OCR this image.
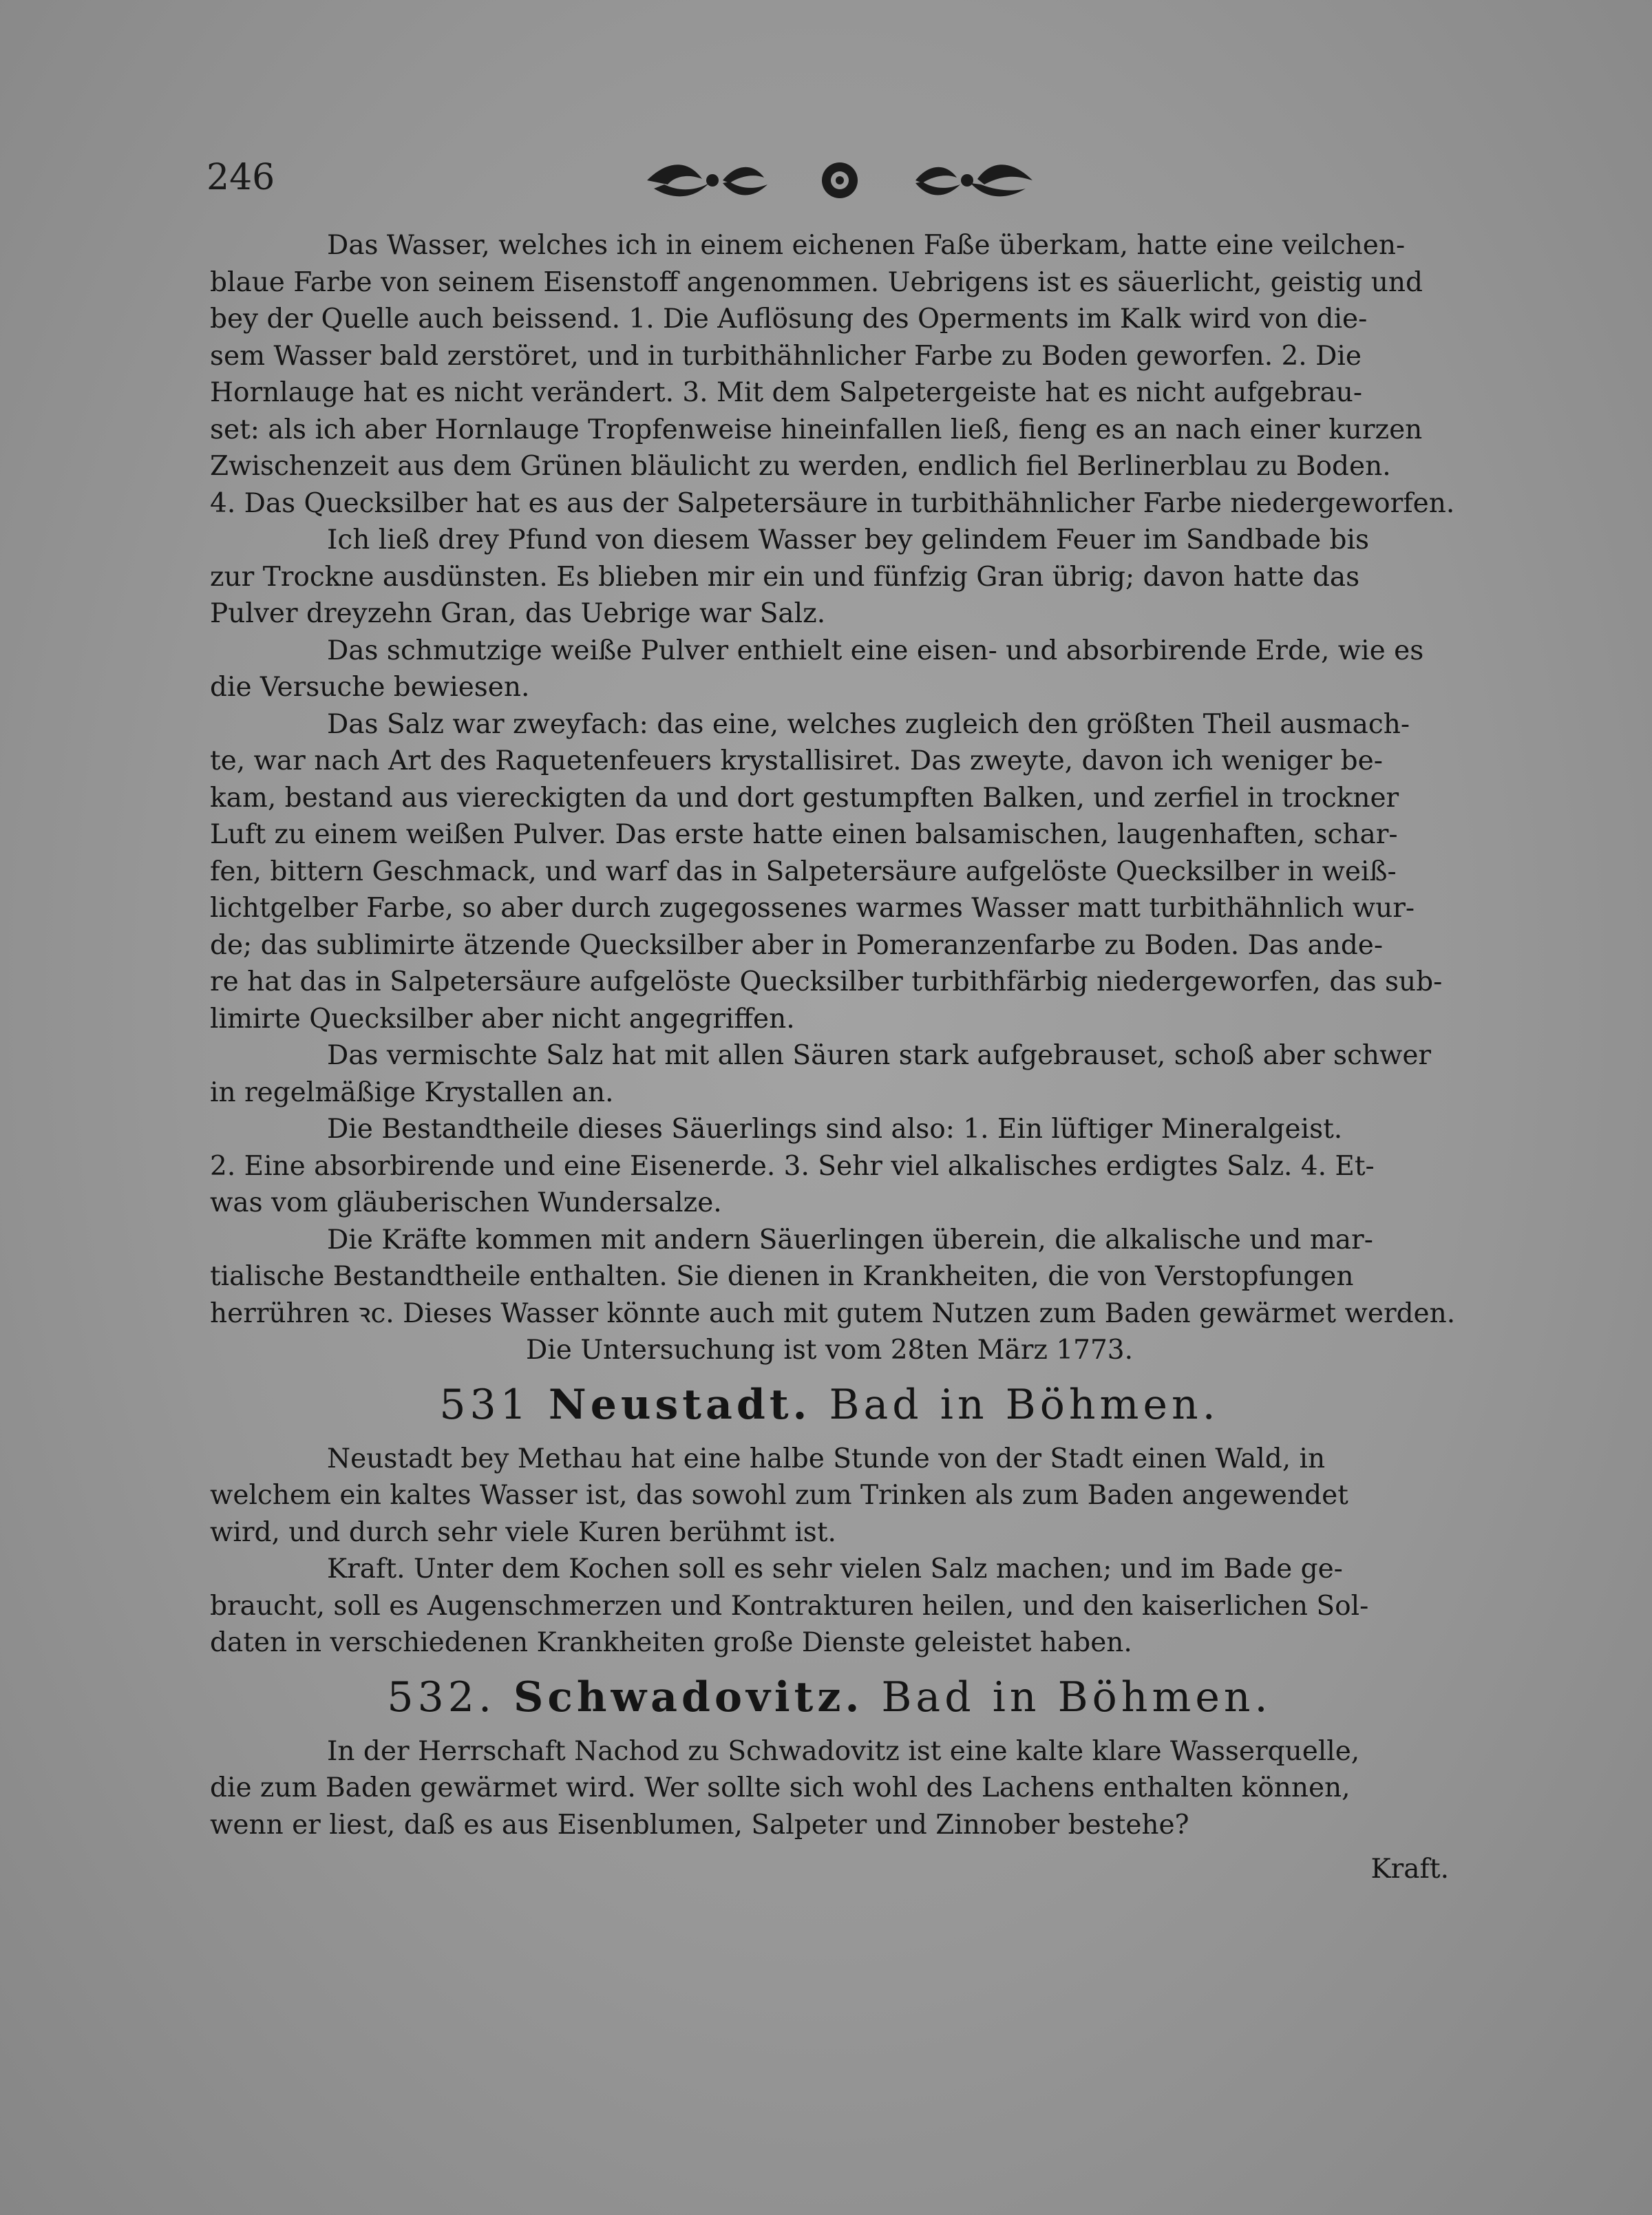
246
Das Wasser, welches ich in einem eichenen Faße überkam, hatte eine veilchen-
blaue Farbe von seinem Eisenstoff angenommen. Uebrigens ist es säuerlicht, geistig und
bey der Quelle auch beissend. 1. Die Auflösung des Operments im Kalk wird von die-
sem Wasser bald zerstöret, und in turbithähnlicher Farbe zu Boden geworfen. 2. Die
Hornlauge hat es nicht verändert. 3. Mit dem Salpetergeiste hat es nicht aufgebrau-
set: als ich aber Hornlauge Tropfenweise hineinfallen ließ, fieng es an nach einer kurzen
Zwischenzeit aus dem Grünen bläulicht zu werden, endlich fiel Berlinerblau zu Boden.
4. Das Quecksilber hat es aus der Salpetersäure in turbithähnlicher Farbe niedergeworfen.
Ich ließ drey Pfund von diesem Wasser bey gelindem Feuer im Sandbade bis
zur Trockne ausdünsten. Es blieben mir ein und fünfzig Gran übrig; davon hatte das
Pulver dreyzehn Gran, das Uebrige war Salz.
Das schmutzige weiße Pulver enthielt eine eisen- und absorbirende Erde, wie es
die Versuche bewiesen.
Das Salz war zweyfach: das eine, welches zugleich den größten Theil ausmach-
te, war nach Art des Raquetenfeuers krystallisiret. Das zweyte, davon ich weniger be-
kam, bestand aus viereckigten da und dort gestumpften Balken, und zerfiel in trockner
Luft zu einem weißen Pulver. Das erste hatte einen balsamischen, laugenhaften, schar-
fen, bittern Geschmack, und warf das in Salpetersäure aufgelöste Quecksilber in weiß-
lichtgelber Farbe, so aber durch zugegossenes warmes Wasser matt turbithähnlich wur-
de; das sublimirte ätzende Quecksilber aber in Pomeranzenfarbe zu Boden. Das ande-
re hat das in Salpetersäure aufgelöste Quecksilber turbithfärbig niedergeworfen, das sub-
limirte Quecksilber aber nicht angegriffen.
Das vermischte Salz hat mit allen Säuren stark aufgebrauset, schoß aber schwer
in regelmäßige Krystallen an.
Die Bestandtheile dieses Säuerlings sind also: 1. Ein lüftiger Mineralgeist.
2. Eine absorbirende und eine Eisenerde. 3. Sehr viel alkalisches erdigtes Salz. 4. Et-
was vom gläuberischen Wundersalze.
Die Kräfte kommen mit andern Säuerlingen überein, die alkalische und mar-
tialische Bestandtheile enthalten. Sie dienen in Krankheiten, die von Verstopfungen
herrühren ꝛc. Dieses Wasser könnte auch mit gutem Nutzen zum Baden gewärmet werden.
Die Untersuchung ist vom 28ten März 1773.
531 Neustadt. Bad in Böhmen.
Neustadt bey Methau hat eine halbe Stunde von der Stadt einen Wald, in
welchem ein kaltes Wasser ist, das sowohl zum Trinken als zum Baden angewendet
wird, und durch sehr viele Kuren berühmt ist.
Kraft. Unter dem Kochen soll es sehr vielen Salz machen; und im Bade ge-
braucht, soll es Augenschmerzen und Kontrakturen heilen, und den kaiserlichen Sol-
daten in verschiedenen Krankheiten große Dienste geleistet haben.
532. Schwadovitz. Bad in Böhmen.
In der Herrschaft Nachod zu Schwadovitz ist eine kalte klare Wasserquelle,
die zum Baden gewärmet wird. Wer sollte sich wohl des Lachens enthalten können,
wenn er liest, daß es aus Eisenblumen, Salpeter und Zinnober bestehe?
Kraft.
